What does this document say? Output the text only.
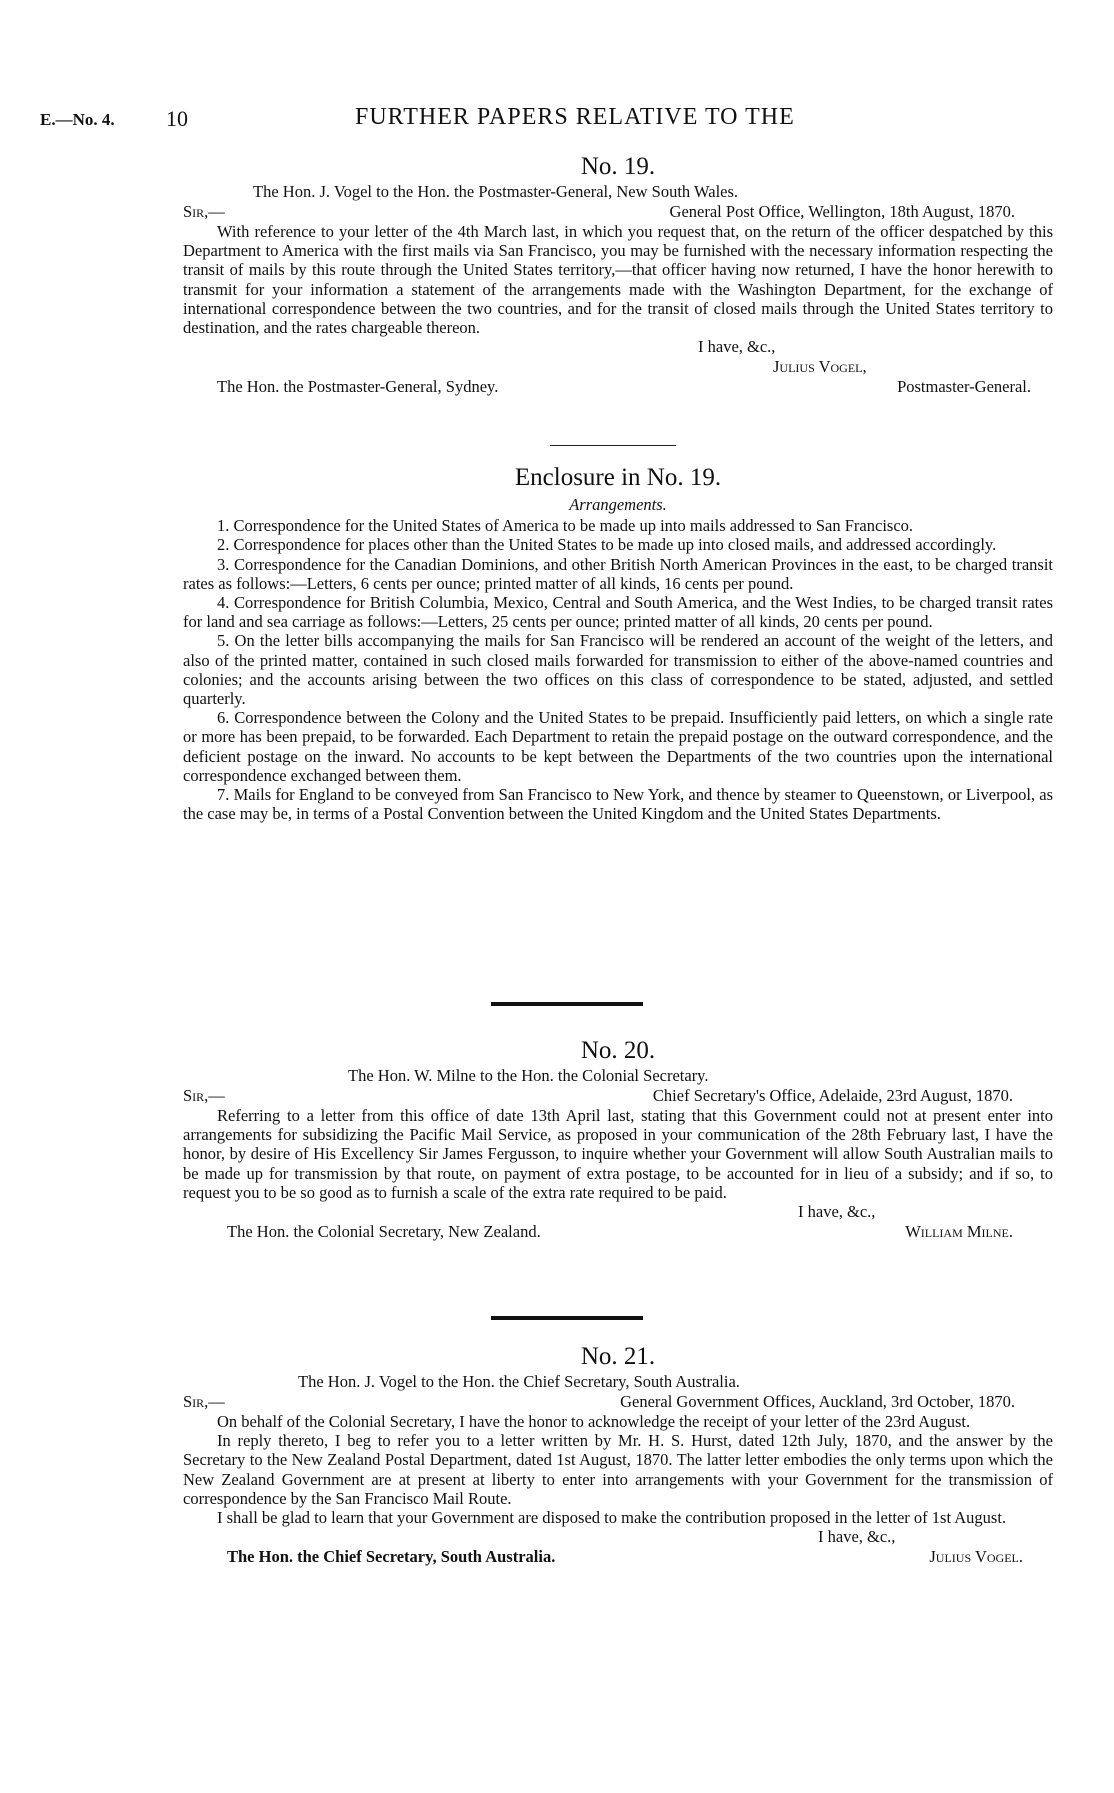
E.—No. 4. 10	FURTHER PAPERS RELATIVE TO THE
No. 19.
The Hon. J. Vogel to the Hon. the Postmaster-General, New South Wales.
Sir,—	General Post Office, Wellington, 18th August, 1870.

With reference to your letter of the 4th March last, in which you request that, on the return of the officer despatched by this Department to America with the first mails via San Francisco, you may be furnished with the necessary information respecting the transit of mails by this route through the United States territory,—that officer having now returned, I have the honor herewith to transmit for your information a statement of the arrangements made with the Washington Department, for the exchange of international correspondence between the two countries, and for the transit of closed mails through the United States territory to destination, and the rates chargeable thereon.

I have, &c.,
Julius Vogel,
The Hon. the Postmaster-General, Sydney.	Postmaster-General.
Enclosure in No. 19.
Arrangements.

1. Correspondence for the United States of America to be made up into mails addressed to San Francisco.

2. Correspondence for places other than the United States to be made up into closed mails, and addressed accordingly.

3. Correspondence for the Canadian Dominions, and other British North American Provinces in the east, to be charged transit rates as follows:—Letters, 6 cents per ounce; printed matter of all kinds, 16 cents per pound.

4. Correspondence for British Columbia, Mexico, Central and South America, and the West Indies, to be charged transit rates for land and sea carriage as follows:—Letters, 25 cents per ounce; printed matter of all kinds, 20 cents per pound.

5. On the letter bills accompanying the mails for San Francisco will be rendered an account of the weight of the letters, and also of the printed matter, contained in such closed mails forwarded for transmission to either of the above-named countries and colonies; and the accounts arising between the two offices on this class of correspondence to be stated, adjusted, and settled quarterly.

6. Correspondence between the Colony and the United States to be prepaid. Insufficiently paid letters, on which a single rate or more has been prepaid, to be forwarded. Each Department to retain the prepaid postage on the outward correspondence, and the deficient postage on the inward. No accounts to be kept between the Departments of the two countries upon the international correspondence exchanged between them.

7. Mails for England to be conveyed from San Francisco to New York, and thence by steamer to Queenstown, or Liverpool, as the case may be, in terms of a Postal Convention between the United Kingdom and the United States Departments.

No. 20.
The Hon. W. Milne to the Hon. the Colonial Secretary.
Sir,—	Chief Secretary's Office, Adelaide, 23rd August, 1870.

Referring to a letter from this office of date 13th April last, stating that this Government could not at present enter into arrangements for subsidizing the Pacific Mail Service, as proposed in your communication of the 28th February last, I have the honor, by desire of His Excellency Sir James Fergusson, to inquire whether your Government will allow South Australian mails to be made up for transmission by that route, on payment of extra postage, to be accounted for in lieu of a subsidy; and if so, to request you to be so good as to furnish a scale of the extra rate required to be paid.

I have, &c.,
The Hon. the Colonial Secretary, New Zealand.	William Milne.
No. 21.
The Hon. J. Vogel to the Hon. the Chief Secretary, South Australia.
Sir,—	General Government Offices, Auckland, 3rd October, 1870.

On behalf of the Colonial Secretary, I have the honor to acknowledge the receipt of your letter of the 23rd August.

In reply thereto, I beg to refer you to a letter written by Mr. H. S. Hurst, dated 12th July, 1870, and the answer by the Secretary to the New Zealand Postal Department, dated 1st August, 1870. The latter letter embodies the only terms upon which the New Zealand Government are at present at liberty to enter into arrangements with your Government for the transmission of correspondence by the San Francisco Mail Route.

I shall be glad to learn that your Government are disposed to make the contribution proposed in the letter of 1st August.

I have, &c.,
The Hon. the Chief Secretary, South Australia.	Julius Vogel.
